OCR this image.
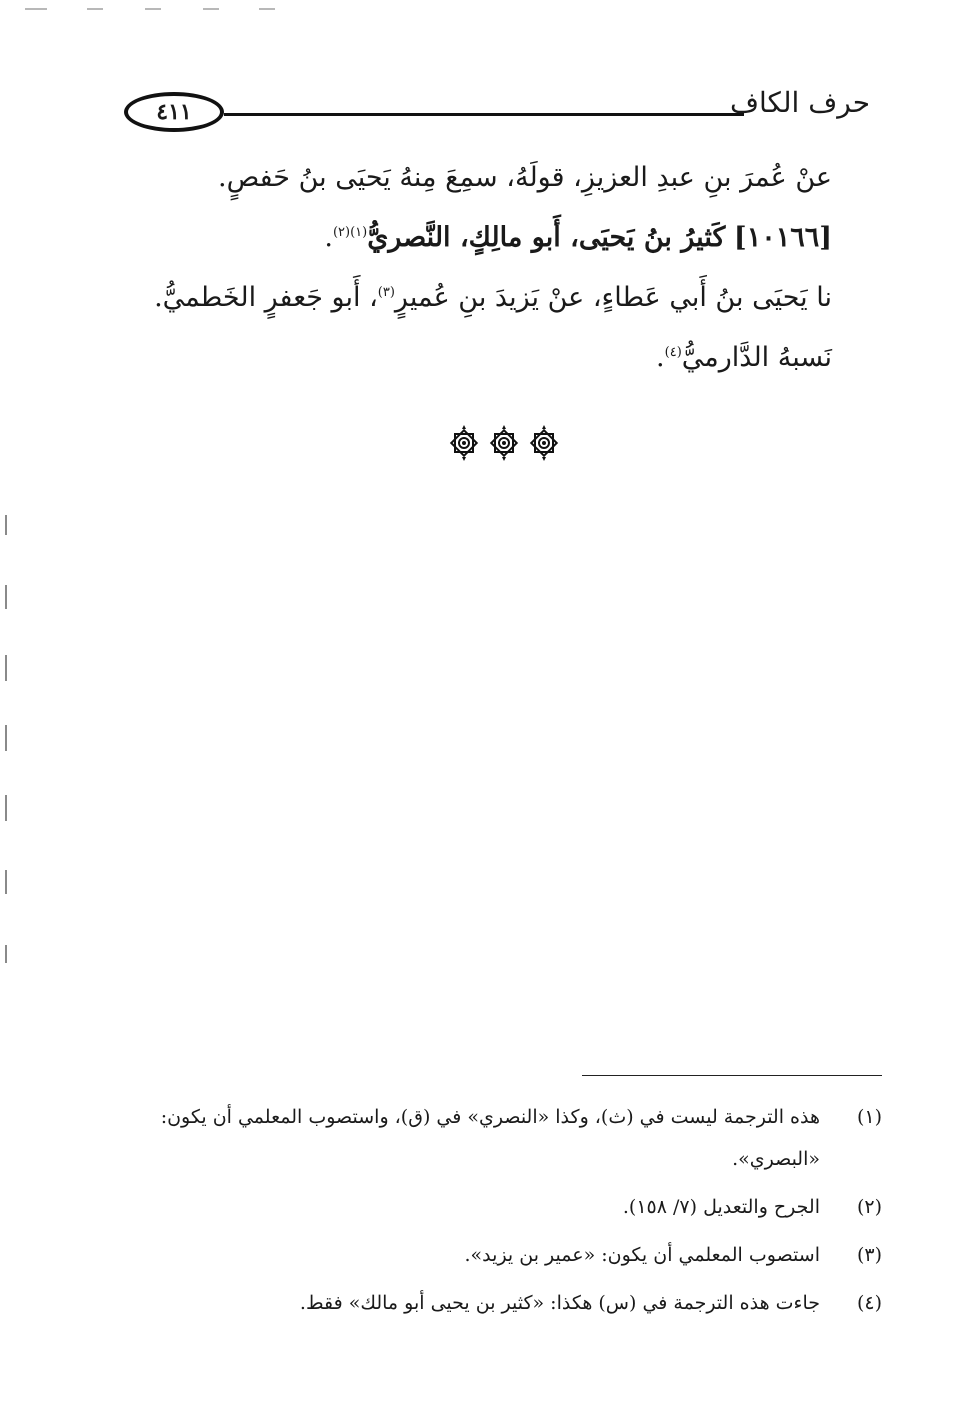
٤١١	حرف الكاف

عنْ عُمرَ بنِ عبدِ العزيزِ، قولَهُ، سمِعَ مِنهُ يَحيَى بنُ حَفصٍ.

[١٠١٦٦] كَثيرُ بنُ يَحيَى، أَبو مالِكٍ، النَّصريُّ$^{(١)(٢)}$.

نا يَحيَى بنُ أَبي عَطاءٍ، عنْ يَزيدَ بنِ عُميرٍ$^{(٣)}$، أَبو جَعفرٍ الخَطميُّ.

نَسبهُ الدَّارميُّ$^{(٤)}$.

(١)
هذه الترجمة ليست في (ث)، وكذا «النصري» في (ق)، واستصوب المعلمي أن يكون: «البصري».
(٢)
الجرح والتعديل (٧/ ١٥٨).
(٣)
استصوب المعلمي أن يكون: «عمير بن يزيد».
(٤)
جاءت هذه الترجمة في (س) هكذا: «كثير بن يحيى أبو مالك» فقط.
